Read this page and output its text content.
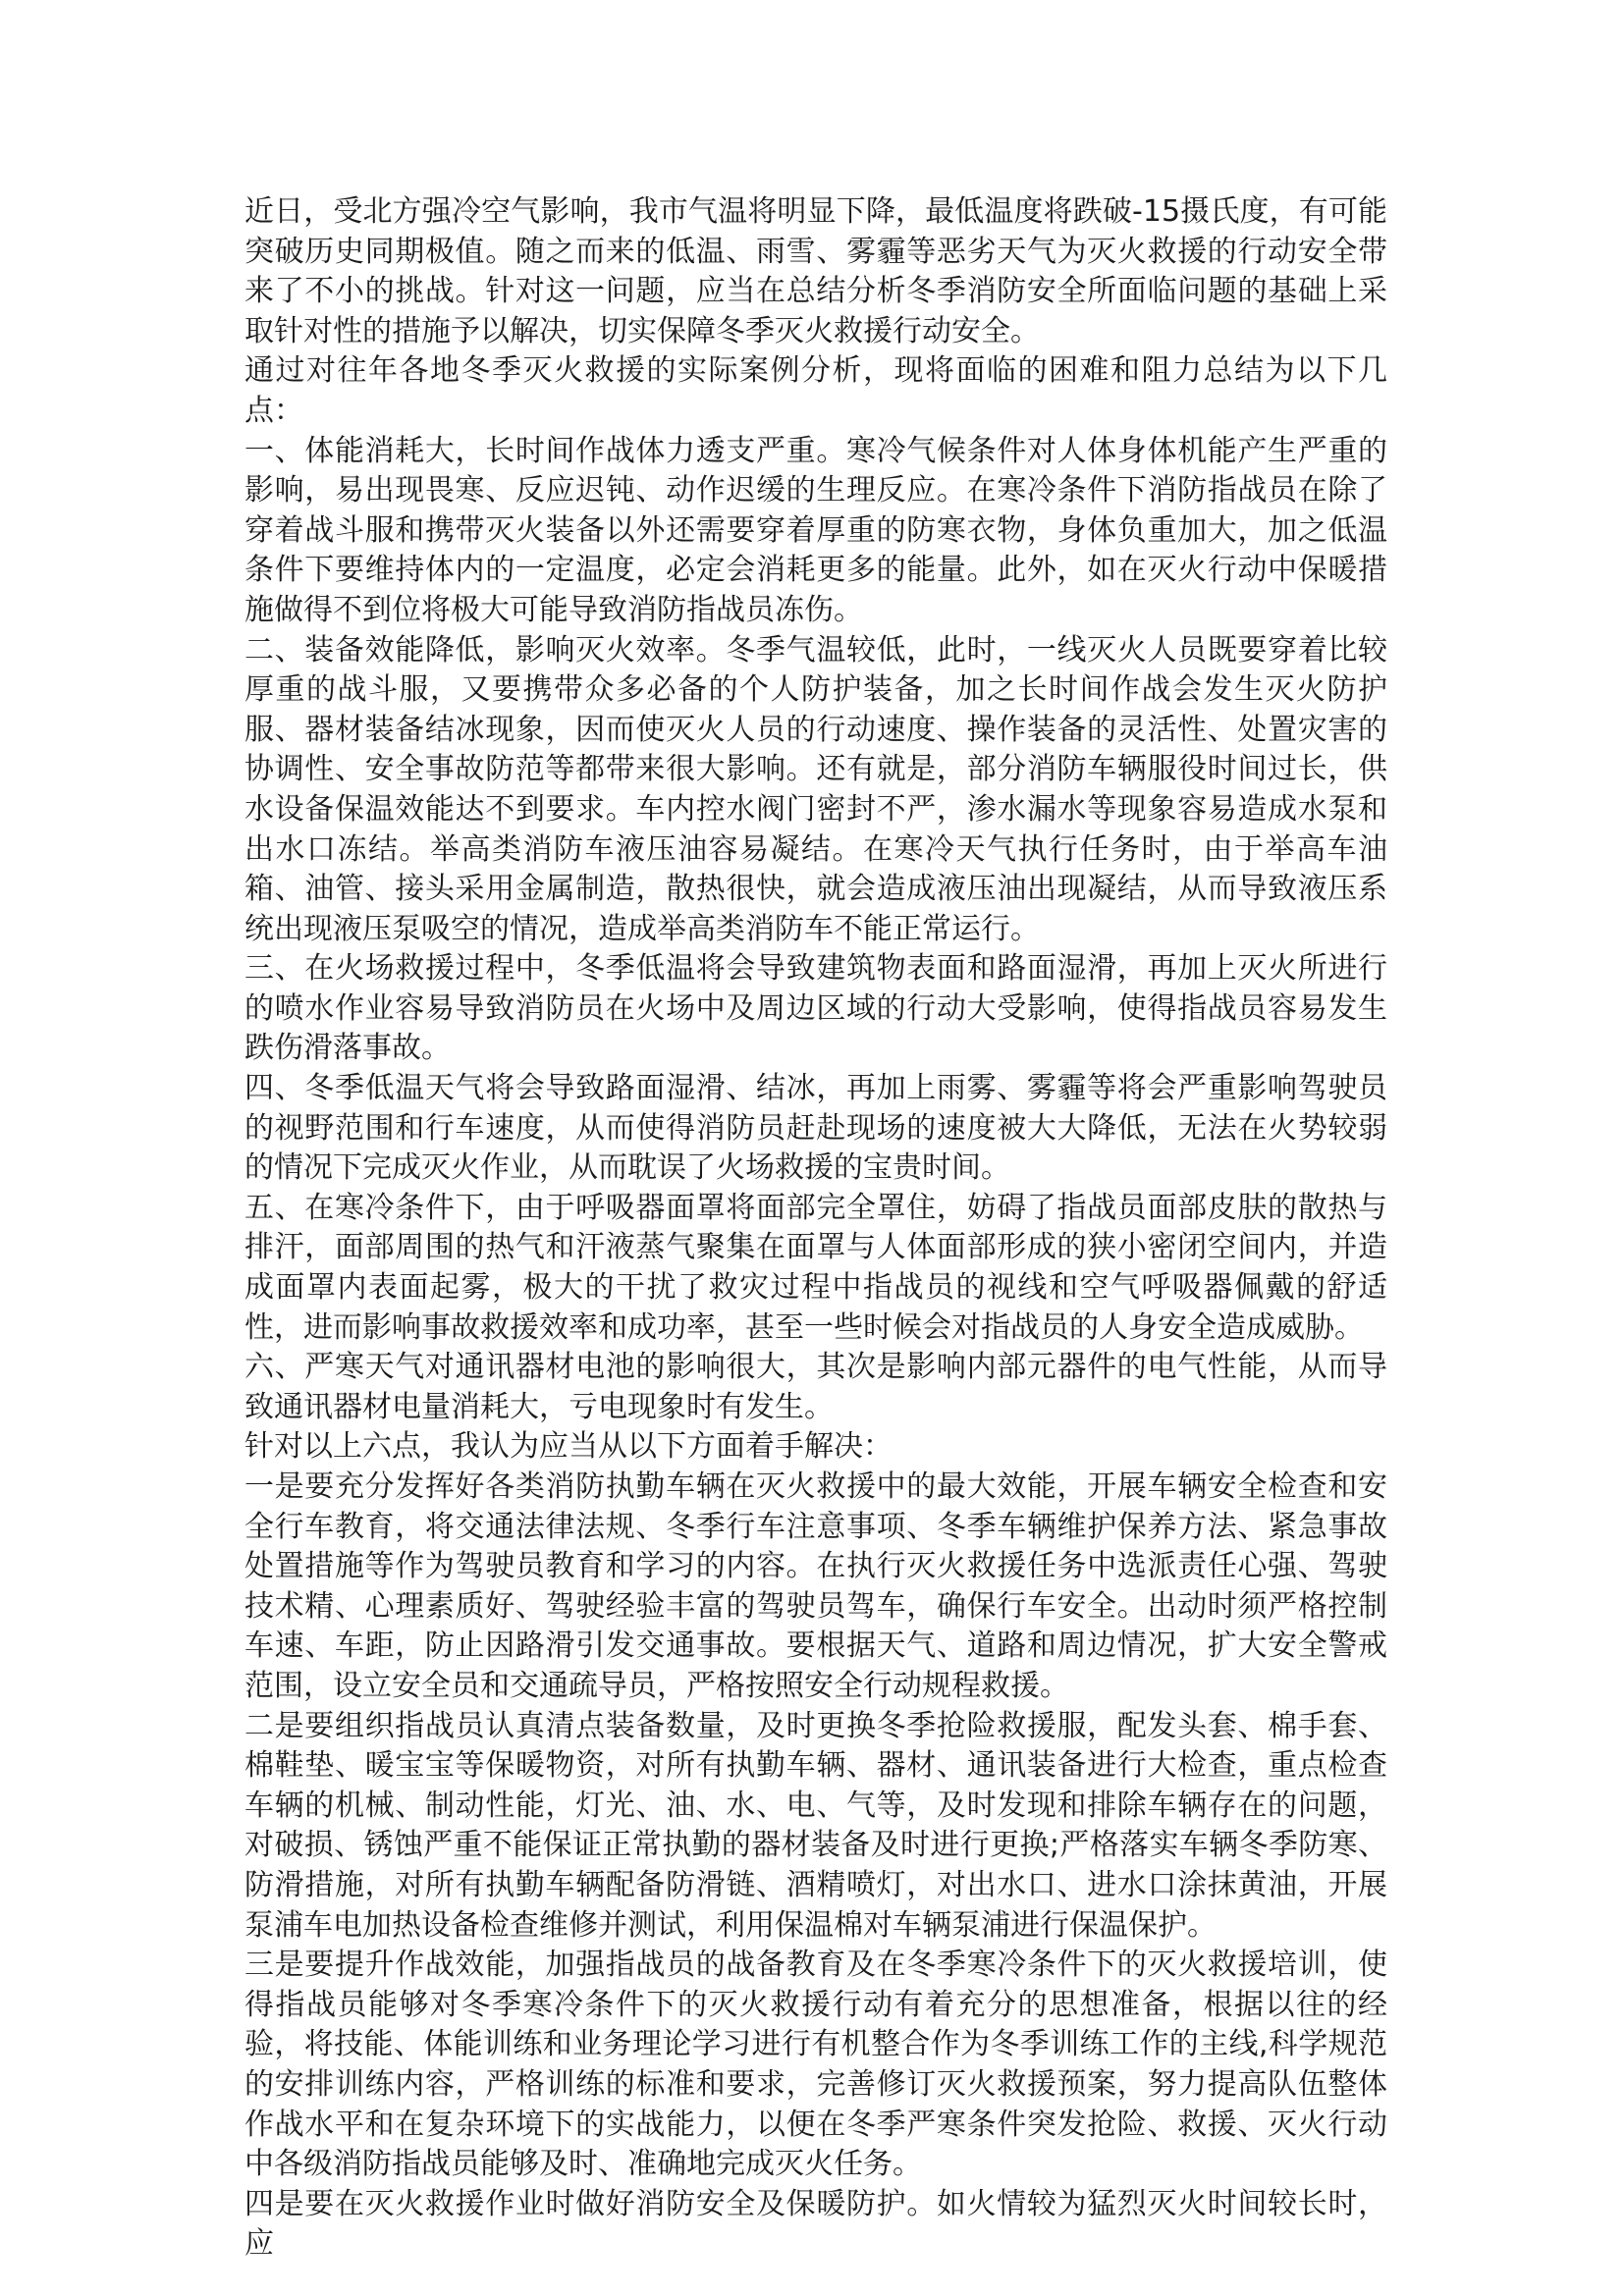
近日，受北方强冷空气影响，我市气温将明显下降，最低温度将跌破-15摄氏度，有可能突破历史同期极值。随之而来的低温、雨雪、雾霾等恶劣天气为灭火救援的行动安全带来了不小的挑战。针对这一问题，应当在总结分析冬季消防安全所面临问题的基础上采取针对性的措施予以解决，切实保障冬季灭火救援行动安全。

通过对往年各地冬季灭火救援的实际案例分析，现将面临的困难和阻力总结为以下几点：

一、体能消耗大，长时间作战体力透支严重。寒冷气候条件对人体身体机能产生严重的影响，易出现畏寒、反应迟钝、动作迟缓的生理反应。在寒冷条件下消防指战员在除了穿着战斗服和携带灭火装备以外还需要穿着厚重的防寒衣物，身体负重加大，加之低温条件下要维持体内的一定温度，必定会消耗更多的能量。此外，如在灭火行动中保暖措施做得不到位将极大可能导致消防指战员冻伤。

二、装备效能降低，影响灭火效率。冬季气温较低，此时，一线灭火人员既要穿着比较厚重的战斗服，又要携带众多必备的个人防护装备，加之长时间作战会发生灭火防护服、器材装备结冰现象，因而使灭火人员的行动速度、操作装备的灵活性、处置灾害的协调性、安全事故防范等都带来很大影响。还有就是，部分消防车辆服役时间过长，供水设备保温效能达不到要求。车内控水阀门密封不严，渗水漏水等现象容易造成水泵和出水口冻结。举高类消防车液压油容易凝结。在寒冷天气执行任务时，由于举高车油箱、油管、接头采用金属制造，散热很快，就会造成液压油出现凝结，从而导致液压系统出现液压泵吸空的情况，造成举高类消防车不能正常运行。

三、在火场救援过程中，冬季低温将会导致建筑物表面和路面湿滑，再加上灭火所进行的喷水作业容易导致消防员在火场中及周边区域的行动大受影响，使得指战员容易发生跌伤滑落事故。

四、冬季低温天气将会导致路面湿滑、结冰，再加上雨雾、雾霾等将会严重影响驾驶员的视野范围和行车速度，从而使得消防员赶赴现场的速度被大大降低，无法在火势较弱的情况下完成灭火作业，从而耽误了火场救援的宝贵时间。

五、在寒冷条件下，由于呼吸器面罩将面部完全罩住，妨碍了指战员面部皮肤的散热与排汗，面部周围的热气和汗液蒸气聚集在面罩与人体面部形成的狭小密闭空间内，并造成面罩内表面起雾，极大的干扰了救灾过程中指战员的视线和空气呼吸器佩戴的舒适性，进而影响事故救援效率和成功率，甚至一些时候会对指战员的人身安全造成威胁。

六、严寒天气对通讯器材电池的影响很大，其次是影响内部元器件的电气性能，从而导致通讯器材电量消耗大，亏电现象时有发生。

针对以上六点，我认为应当从以下方面着手解决：

一是要充分发挥好各类消防执勤车辆在灭火救援中的最大效能，开展车辆安全检查和安全行车教育，将交通法律法规、冬季行车注意事项、冬季车辆维护保养方法、紧急事故处置措施等作为驾驶员教育和学习的内容。在执行灭火救援任务中选派责任心强、驾驶技术精、心理素质好、驾驶经验丰富的驾驶员驾车，确保行车安全。出动时须严格控制车速、车距，防止因路滑引发交通事故。要根据天气、道路和周边情况，扩大安全警戒范围，设立安全员和交通疏导员，严格按照安全行动规程救援。

二是要组织指战员认真清点装备数量，及时更换冬季抢险救援服，配发头套、棉手套、棉鞋垫、暖宝宝等保暖物资，对所有执勤车辆、器材、通讯装备进行大检查，重点检查车辆的机械、制动性能，灯光、油、水、电、气等，及时发现和排除车辆存在的问题，对破损、锈蚀严重不能保证正常执勤的器材装备及时进行更换;严格落实车辆冬季防寒、防滑措施，对所有执勤车辆配备防滑链、酒精喷灯，对出水口、进水口涂抹黄油，开展泵浦车电加热设备检查维修并测试，利用保温棉对车辆泵浦进行保温保护。

三是要提升作战效能，加强指战员的战备教育及在冬季寒冷条件下的灭火救援培训，使得指战员能够对冬季寒冷条件下的灭火救援行动有着充分的思想准备，根据以往的经验，将技能、体能训练和业务理论学习进行有机整合作为冬季训练工作的主线,科学规范的安排训练内容，严格训练的标准和要求，完善修订灭火救援预案，努力提高队伍整体作战水平和在复杂环境下的实战能力，以便在冬季严寒条件突发抢险、救援、灭火行动中各级消防指战员能够及时、准确地完成灭火任务。

四是要在灭火救援作业时做好消防安全及保暖防护。如火情较为猛烈灭火时间较长时，应
